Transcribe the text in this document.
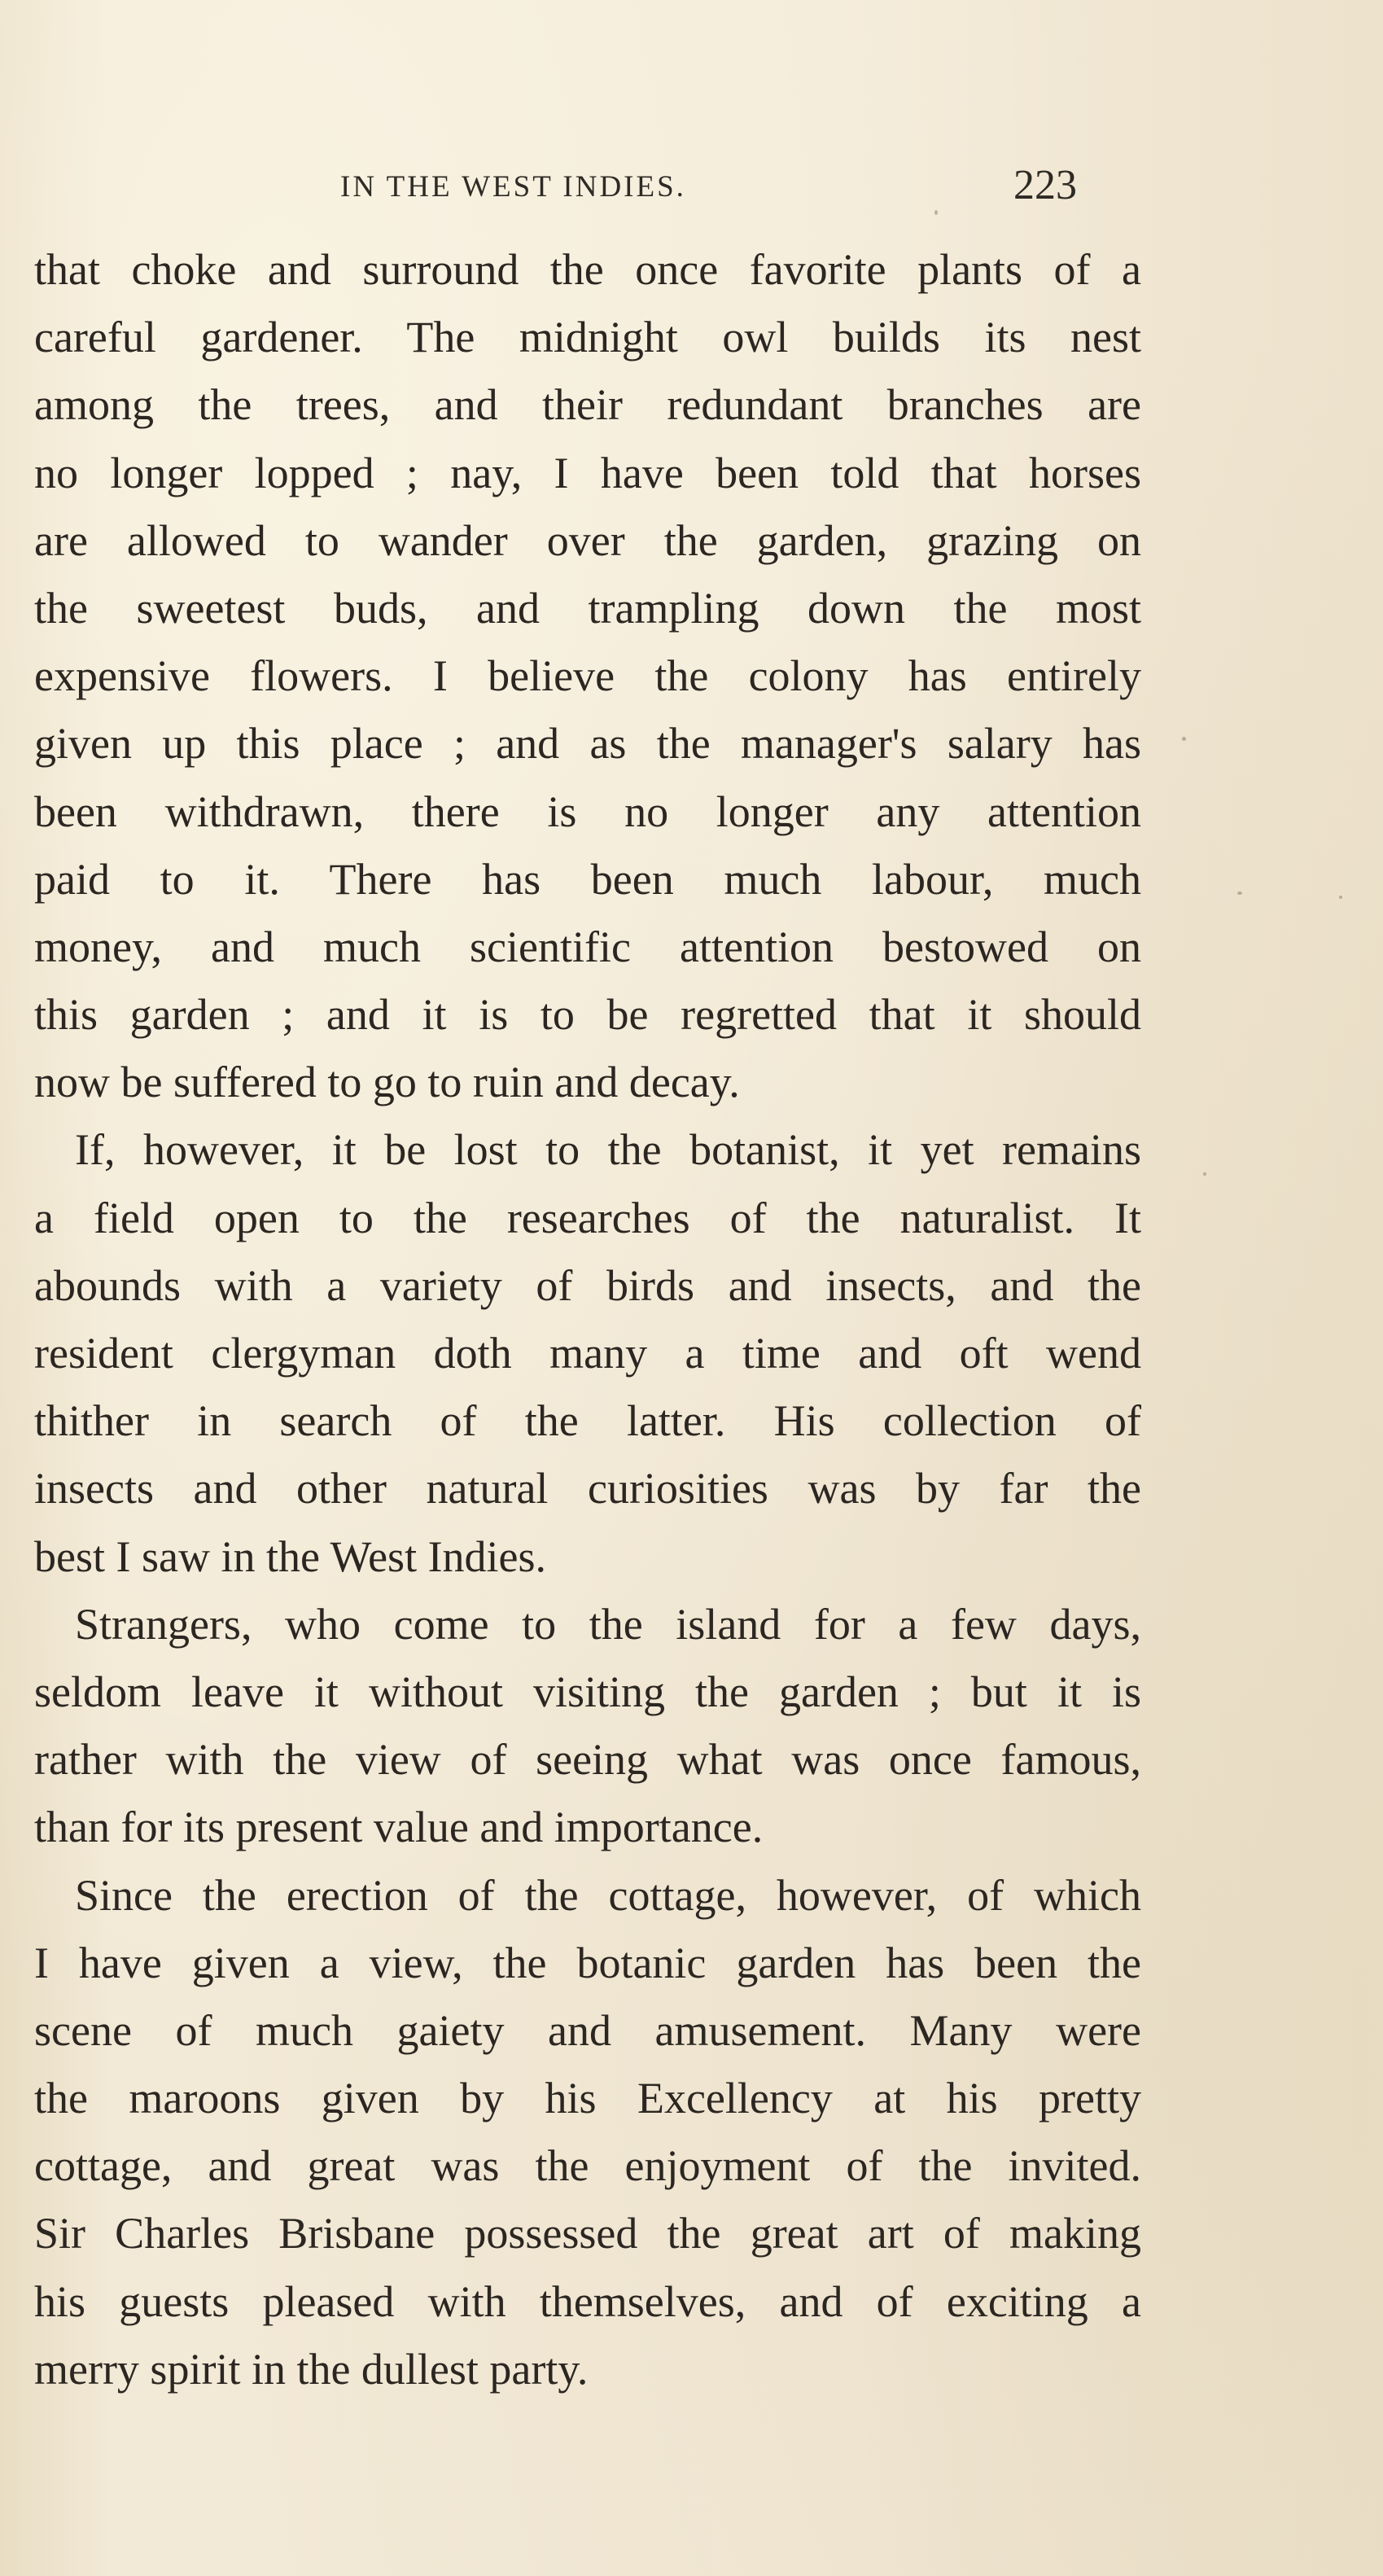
IN THE WEST INDIES.	223
that choke and surround the once favorite plants of a
careful gardener. The midnight owl builds its nest
among the trees, and their redundant branches are
no longer lopped ; nay, I have been told that horses
are allowed to wander over the garden, grazing on
the sweetest buds, and trampling down the most
expensive flowers. I believe the colony has entirely
given up this place ; and as the manager's salary has
been withdrawn, there is no longer any attention
paid to it. There has been much labour, much
money, and much scientific attention bestowed on
this garden ; and it is to be regretted that it should
now be suffered to go to ruin and decay.
If, however, it be lost to the botanist, it yet remains
a field open to the researches of the naturalist. It
abounds with a variety of birds and insects, and the
resident clergyman doth many a time and oft wend
thither in search of the latter. His collection of
insects and other natural curiosities was by far the
best I saw in the West Indies.
Strangers, who come to the island for a few days,
seldom leave it without visiting the garden ; but it is
rather with the view of seeing what was once famous,
than for its present value and importance.
Since the erection of the cottage, however, of which
I have given a view, the botanic garden has been the
scene of much gaiety and amusement. Many were
the maroons given by his Excellency at his pretty
cottage, and great was the enjoyment of the invited.
Sir Charles Brisbane possessed the great art of making
his guests pleased with themselves, and of exciting a
merry spirit in the dullest party.
